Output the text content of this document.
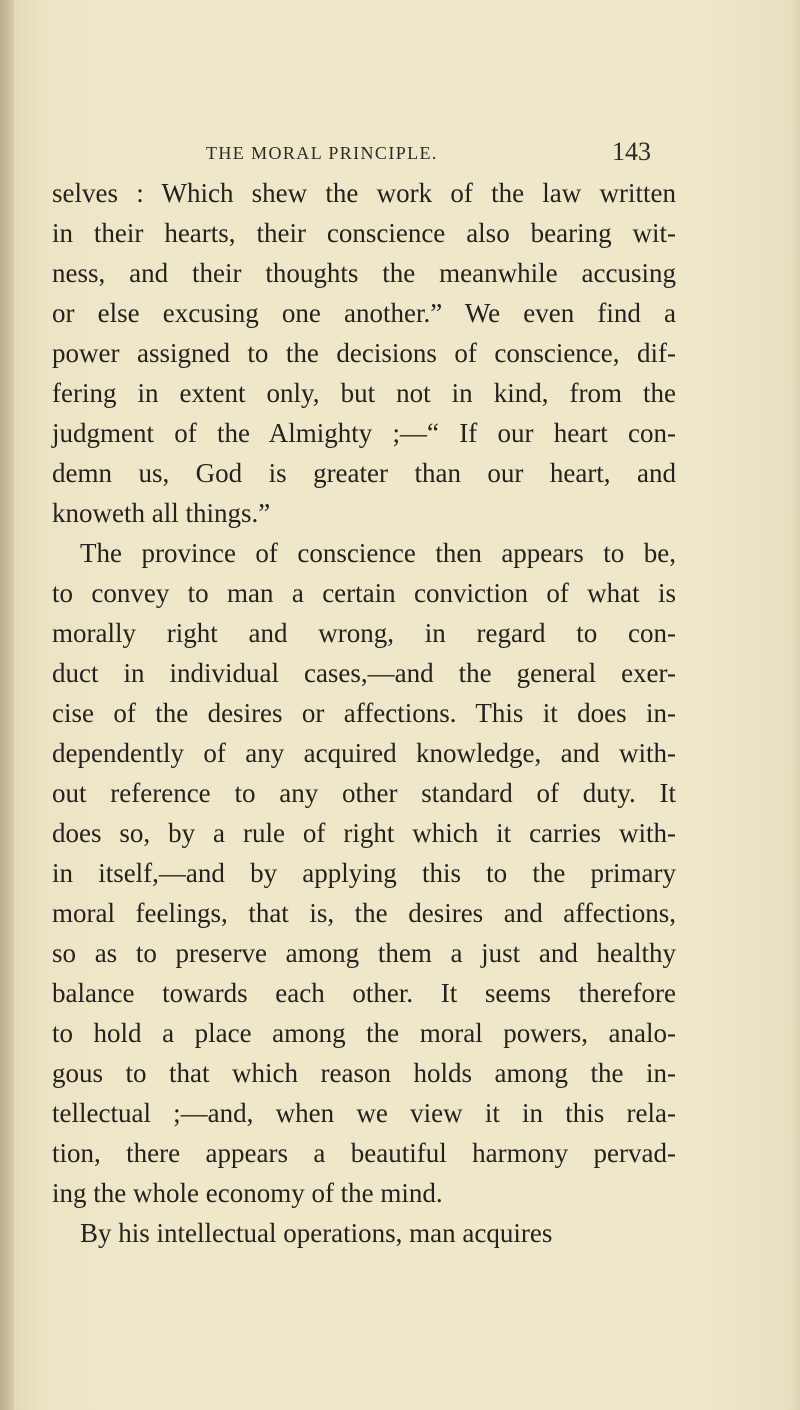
THE MORAL PRINCIPLE.	143
selves : Which shew the work of the law written
in their hearts, their conscience also bearing wit-
ness, and their thoughts the meanwhile accusing
or else excusing one another.” We even find a
power assigned to the decisions of conscience, dif-
fering in extent only, but not in kind, from the
judgment of the Almighty ;—“ If our heart con-
demn us, God is greater than our heart, and
knoweth all things.”
The province of conscience then appears to be,
to convey to man a certain conviction of what is
morally right and wrong, in regard to con-
duct in individual cases,—and the general exer-
cise of the desires or affections. This it does in-
dependently of any acquired knowledge, and with-
out reference to any other standard of duty. It
does so, by a rule of right which it carries with-
in itself,—and by applying this to the primary
moral feelings, that is, the desires and affections,
so as to preserve among them a just and healthy
balance towards each other. It seems therefore
to hold a place among the moral powers, analo-
gous to that which reason holds among the in-
tellectual ;—and, when we view it in this rela-
tion, there appears a beautiful harmony pervad-
ing the whole economy of the mind.
By his intellectual operations, man acquires
